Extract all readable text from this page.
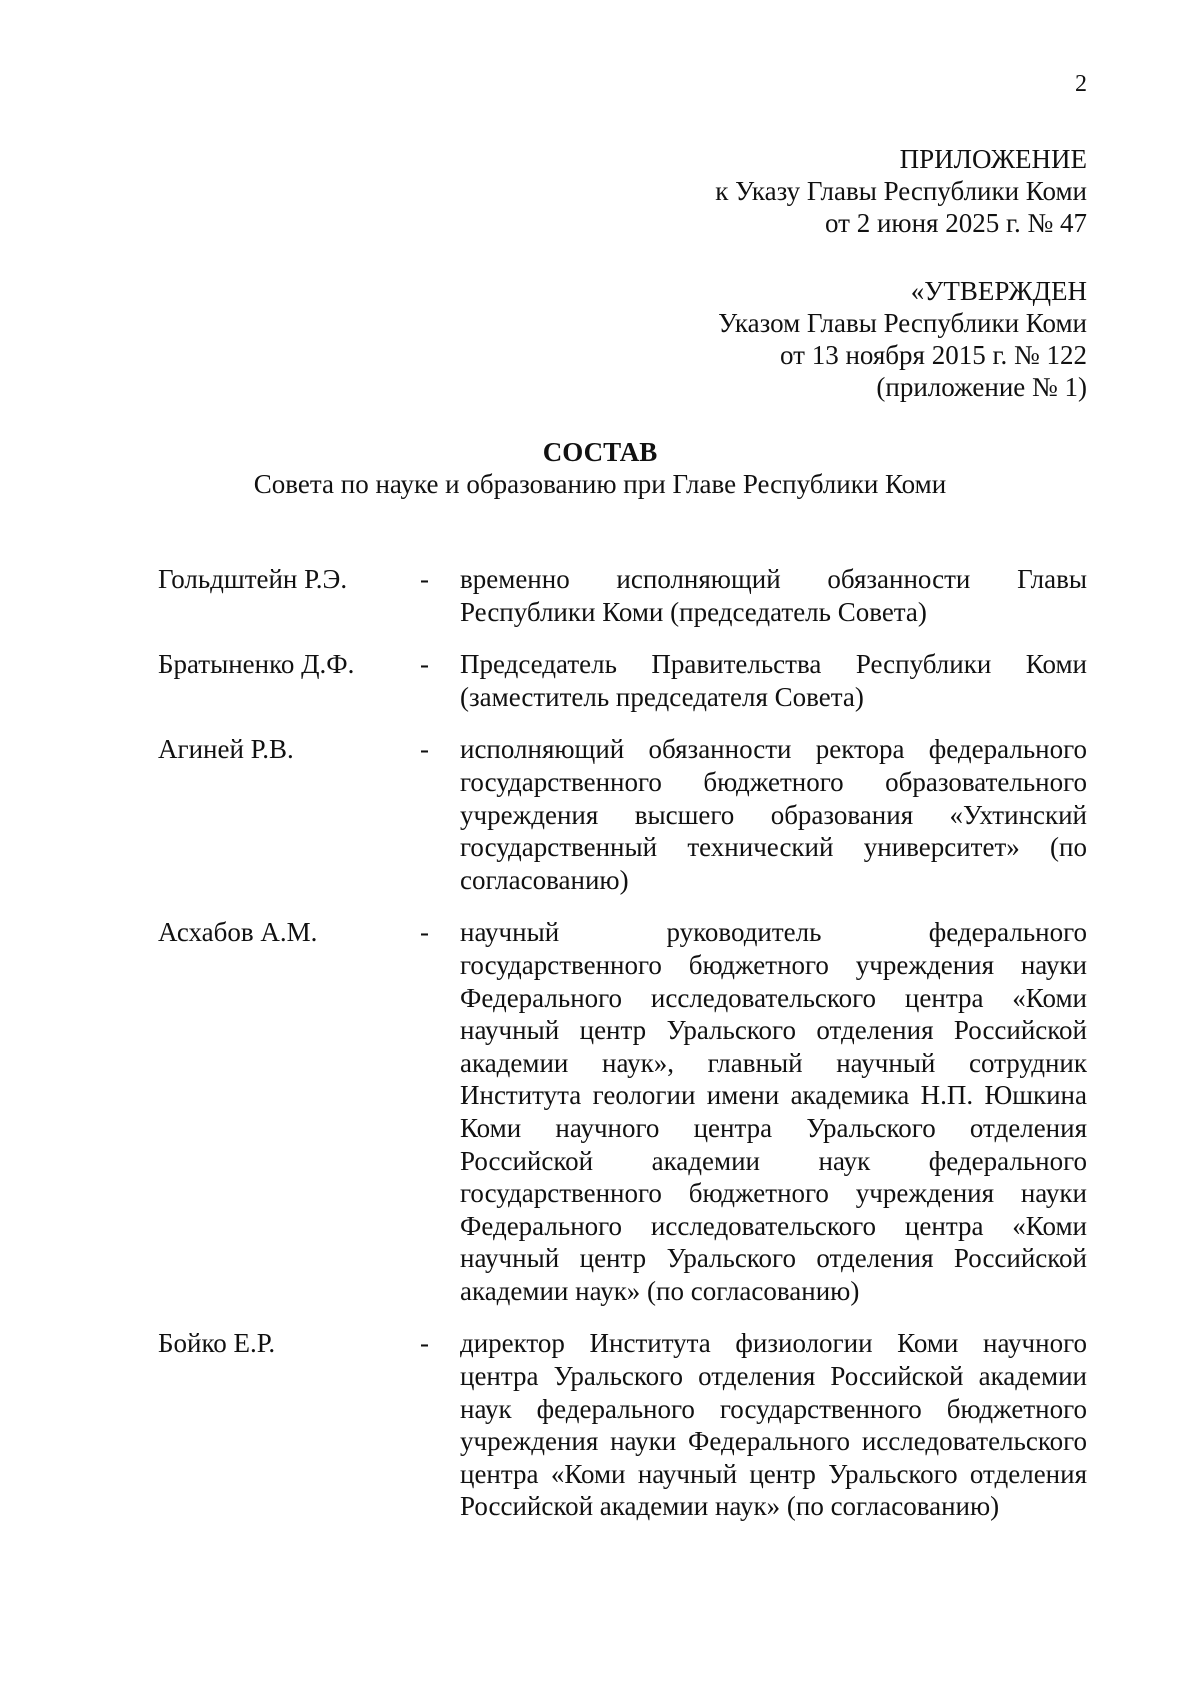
2
ПРИЛОЖЕНИЕ
к Указу Главы Республики Коми
от 2 июня 2025 г. № 47
«УТВЕРЖДЕН
Указом Главы Республики Коми
от 13 ноября 2015 г. № 122
(приложение № 1)
СОСТАВ
Совета по науке и образованию при Главе Республики Коми
Гольдштейн Р.Э.	-	временно исполняющий обязанности Главы Республики Коми (председатель Совета)
Братыненко Д.Ф.	-	Председатель Правительства Республики Коми (заместитель председателя Совета)
Агиней Р.В.	-	исполняющий обязанности ректора федерального государственного бюджетного образовательного учреждения высшего образования «Ухтинский государственный технический университет» (по согласованию)
Асхабов А.М.	-	научный руководитель федерального государственного бюджетного учреждения науки Федерального исследовательского центра «Коми научный центр Уральского отделения Российской академии наук», главный научный сотрудник Института геологии имени академика Н.П. Юшкина Коми научного центра Уральского отделения Российской академии наук федерального государственного бюджетного учреждения науки Федерального исследовательского центра «Коми научный центр Уральского отделения Российской академии наук» (по согласованию)
Бойко Е.Р.	-	директор Института физиологии Коми научного центра Уральского отделения Российской академии наук федерального государственного бюджетного учреждения науки Федерального исследовательского центра «Коми научный центр Уральского отделения Российской академии наук» (по согласованию)
